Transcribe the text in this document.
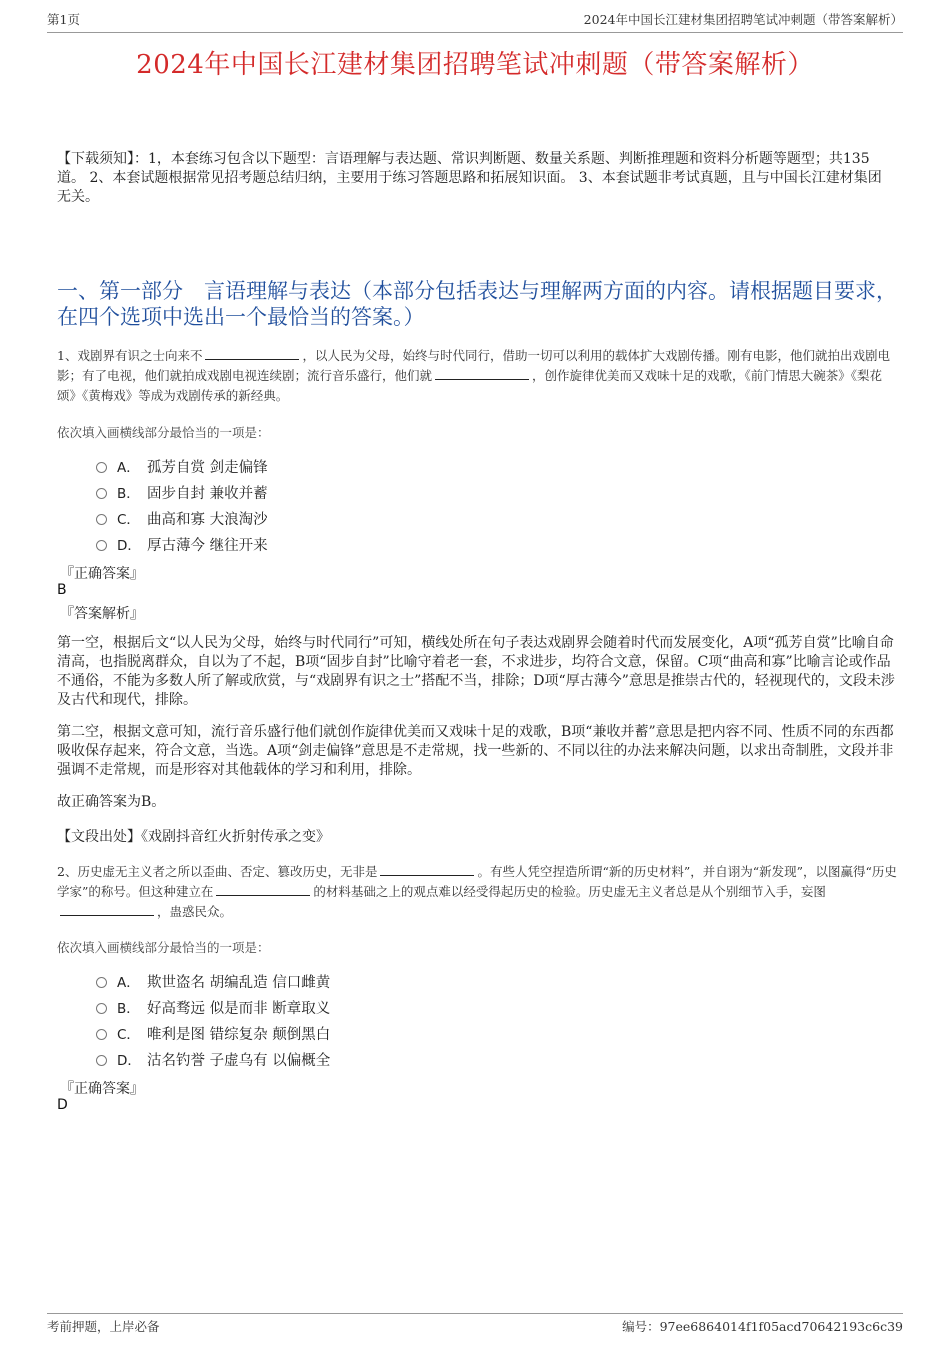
第1页	2024年中国长江建材集团招聘笔试冲刺题（带答案解析）
2024年中国长江建材集团招聘笔试冲刺题（带答案解析）
【下载须知】：1，本套练习包含以下题型：言语理解与表达题、常识判断题、数量关系题、判断推理题和资料分析题等题型；共135道。 2、本套试题根据常见招考题总结归纳，主要用于练习答题思路和拓展知识面。 3、本套试题非考试真题，且与中国长江建材集团无关。
一、第一部分　言语理解与表达（本部分包括表达与理解两方面的内容。请根据题目要求，在四个选项中选出一个最恰当的答案。）
1、戏剧界有识之士向来不	，以人民为父母，始终与时代同行，借助一切可以利用的载体扩大戏剧传播。刚有电影，他们就拍出戏剧电影；有了电视，他们就拍成戏剧电视连续剧；流行音乐盛行，他们就	，创作旋律优美而又戏味十足的戏歌，《前门情思大碗茶》《梨花颂》《黄梅戏》等成为戏剧传承的新经典。
依次填入画横线部分最恰当的一项是：
A． 孤芳自赏 剑走偏锋
B． 固步自封 兼收并蓄
C． 曲高和寡 大浪淘沙
D． 厚古薄今 继往开来
『正确答案』
B
『答案解析』
第一空，根据后文“以人民为父母，始终与时代同行”可知，横线处所在句子表达戏剧界会随着时代而发展变化，A项“孤芳自赏”比喻自命清高，也指脱离群众，自以为了不起，B项“固步自封”比喻守着老一套，不求进步，均符合文意，保留。C项“曲高和寡”比喻言论或作品不通俗，不能为多数人所了解或欣赏，与“戏剧界有识之士”搭配不当，排除；D项“厚古薄今”意思是推崇古代的，轻视现代的，文段未涉及古代和现代，排除。
第二空，根据文意可知，流行音乐盛行他们就创作旋律优美而又戏味十足的戏歌，B项“兼收并蓄”意思是把内容不同、性质不同的东西都吸收保存起来，符合文意，当选。A项“剑走偏锋”意思是不走常规，找一些新的、不同以往的办法来解决问题，以求出奇制胜，文段并非强调不走常规，而是形容对其他载体的学习和利用，排除。
故正确答案为B。
【文段出处】《戏剧抖音红火折射传承之变》
2、历史虚无主义者之所以歪曲、否定、篡改历史，无非是	。有些人凭空捏造所谓“新的历史材料”，并自诩为“新发现”，以图赢得“历史学家”的称号。但这种建立在	的材料基础之上的观点难以经受得起历史的检验。历史虚无主义者总是从个别细节入手，妄图，蛊惑民众。
依次填入画横线部分最恰当的一项是：
A． 欺世盗名 胡编乱造 信口雌黄
B． 好高骛远 似是而非 断章取义
C． 唯利是图 错综复杂 颠倒黑白
D． 沽名钓誉 子虚乌有 以偏概全
『正确答案』
D
考前押题，上岸必备	编号：97ee6864014f1f05acd70642193c6c39
